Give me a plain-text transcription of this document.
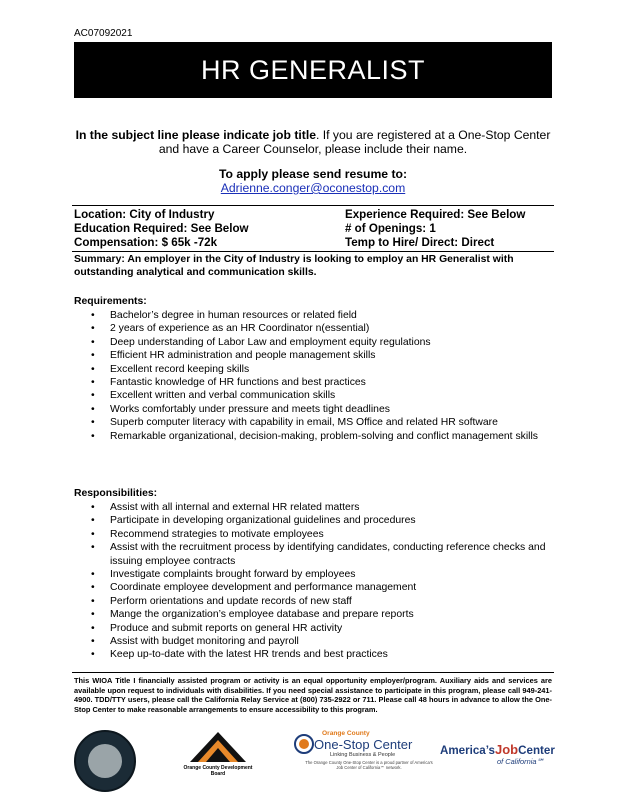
AC07092021
HR GENERALIST
In the subject line please indicate job title. If you are registered at a One-Stop Center and have a Career Counselor, please include their name.
To apply please send resume to:
Adrienne.conger@oconestop.com
Location: City of Industry	Experience Required: See Below
Education Required: See Below	# of Openings: 1
Compensation: $ 65k -72k	Temp to Hire/ Direct: Direct
Summary: An employer in the City of Industry is looking to employ an HR Generalist with outstanding analytical and communication skills.
Requirements:
• Bachelor’s degree in human resources or related field
• 2 years of experience as an HR Coordinator n(essential)
• Deep understanding of Labor Law and employment equity regulations
• Efficient HR administration and people management skills
• Excellent record keeping skills
• Fantastic knowledge of HR functions and best practices
• Excellent written and verbal communication skills
• Works comfortably under pressure and meets tight deadlines
• Superb computer literacy with capability in email, MS Office and related HR software
• Remarkable organizational, decision-making, problem-solving and conflict management skills
Responsibilities:
• Assist with all internal and external HR related matters
• Participate in developing organizational guidelines and procedures
• Recommend strategies to motivate employees
• Assist with the recruitment process by identifying candidates, conducting reference checks and issuing employee contracts
• Investigate complaints brought forward by employees
• Coordinate employee development and performance management
• Perform orientations and update records of new staff
• Mange the organization’s employee database and prepare reports
• Produce and submit reports on general HR activity
• Assist with budget monitoring and payroll
• Keep up-to-date with the latest HR trends and best practices
This WIOA Title I financially assisted program or activity is an equal opportunity employer/program. Auxiliary aids and services are available upon request to individuals with disabilities. If you need special assistance to participate in this program, please call 949-241-4900. TDD/TTY users, please call the California Relay Service at (800) 735-2922 or 711. Please call 48 hours in advance to allow the One-Stop Center to make reasonable arrangements to ensure accessibility to this program.
Orange County Development Board
Orange County
One-Stop Center
Linking Business & People
The Orange County One-Stop Center is a proud partner of America’s Job Center of California℠ network.
America’sJobCenter
of California℠
